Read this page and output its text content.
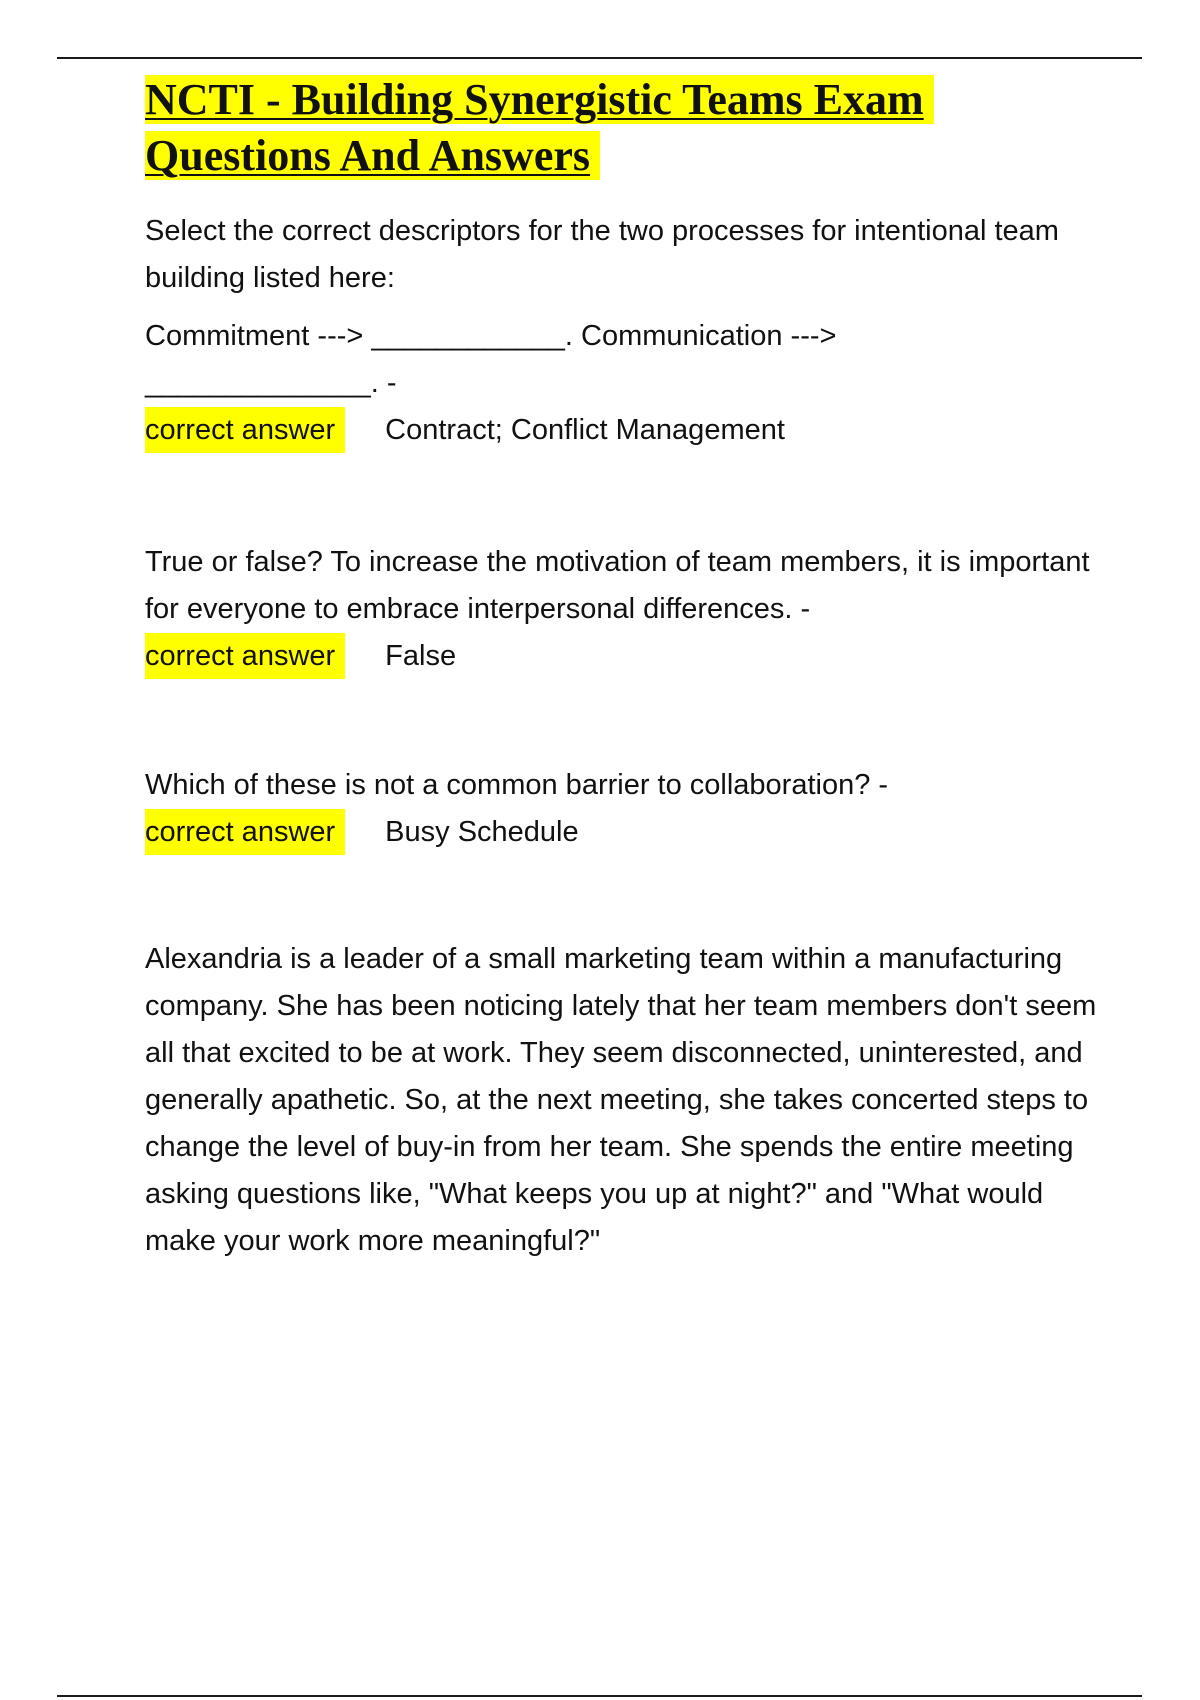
NCTI - Building Synergistic Teams Exam Questions And Answers

Select the correct descriptors for the two processes for intentional team building listed here:

Commitment ---> ____________. Communication --->

______________. -

correct answer Contract; Conflict Management

True or false? To increase the motivation of team members, it is important for everyone to embrace interpersonal differences. -

correct answer False

Which of these is not a common barrier to collaboration? -

correct answer Busy Schedule

Alexandria is a leader of a small marketing team within a manufacturing company. She has been noticing lately that her team members don't seem all that excited to be at work. They seem disconnected, uninterested, and generally apathetic. So, at the next meeting, she takes concerted steps to change the level of buy-in from her team. She spends the entire meeting asking questions like, "What keeps you up at night?" and "What would make your work more meaningful?"
